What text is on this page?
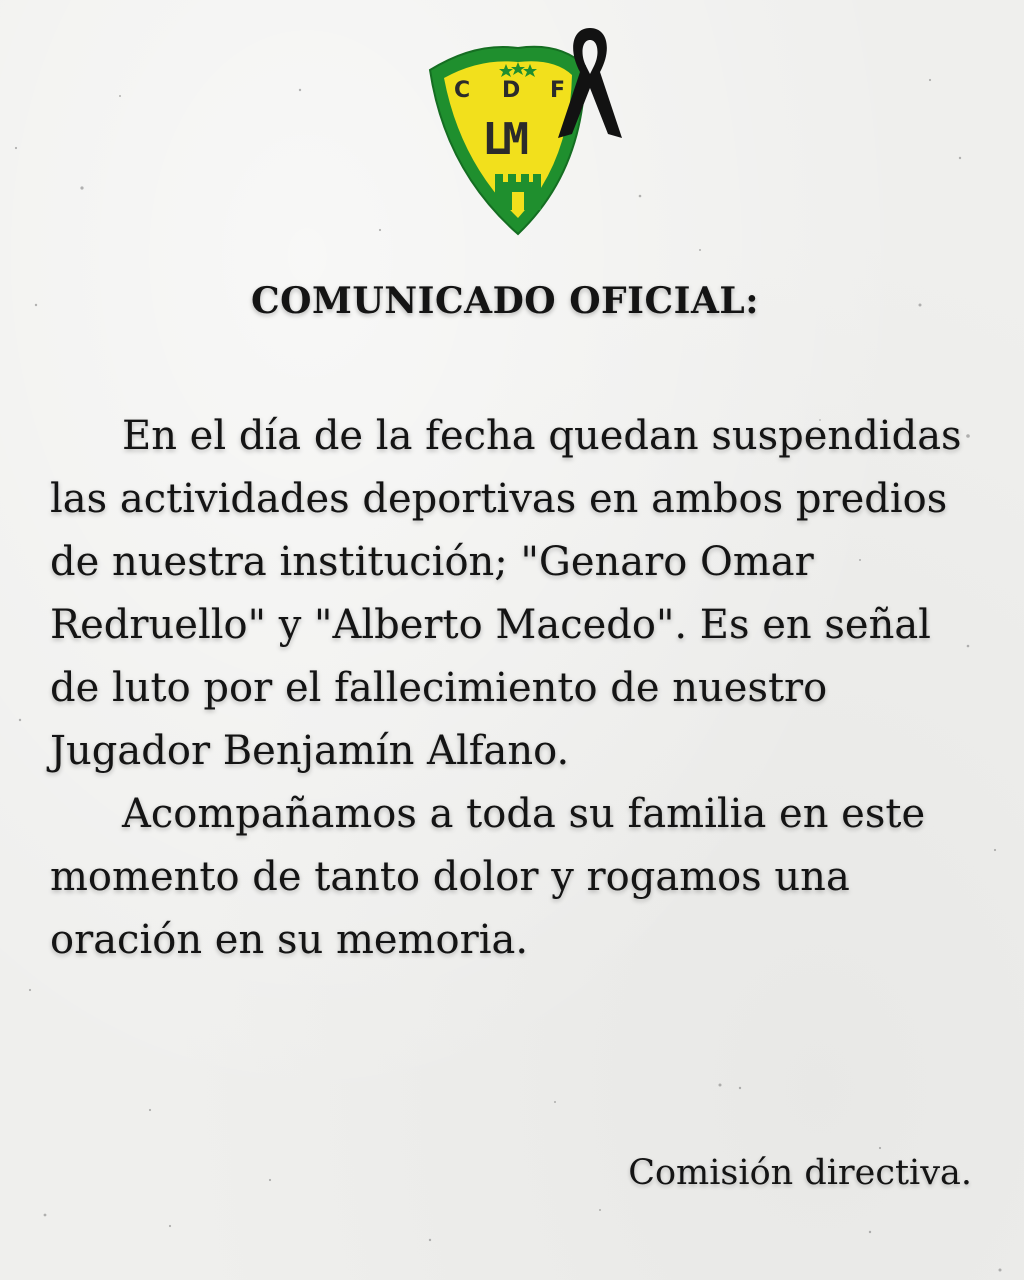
C D F
LM
COMUNICADO OFICIAL:

En el día de la fecha quedan suspendidas las actividades deportivas en ambos predios de nuestra institución; "Genaro Omar Redruello" y "Alberto Macedo". Es en señal de luto por el fallecimiento de nuestro Jugador Benjamín Alfano.

Acompañamos a toda su familia en este momento de tanto dolor y rogamos una oración en su memoria.

Comisión directiva.
